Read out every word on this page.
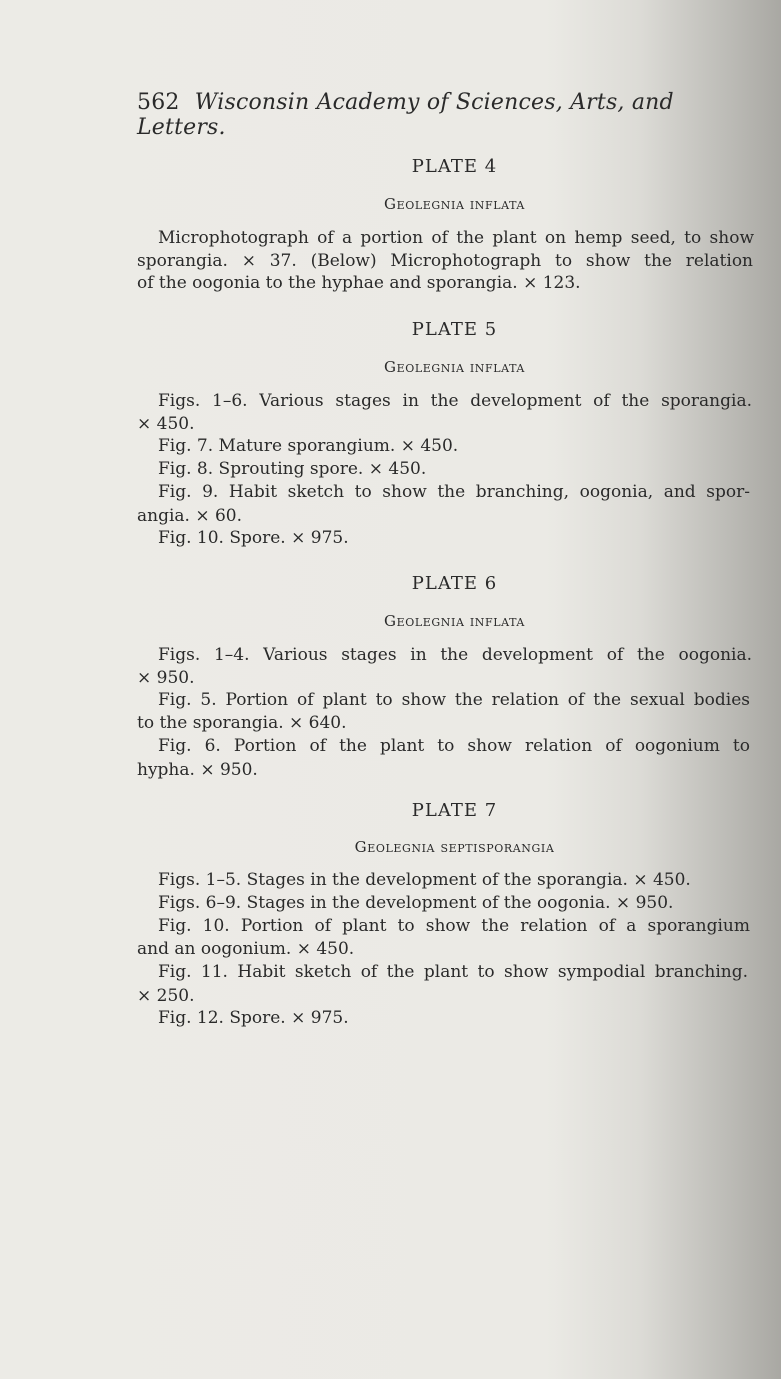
562 Wisconsin Academy of Sciences, Arts, and Letters.
PLATE 4
Geolegnia inflata
Microphotograph of a portion of the plant on hemp seed, to show
sporangia. × 37. (Below) Microphotograph to show the relation
of the oogonia to the hyphae and sporangia. × 123.
PLATE 5
Geolegnia inflata
Figs. 1–6. Various stages in the development of the sporangia.
× 450.
Fig. 7. Mature sporangium. × 450.
Fig. 8. Sprouting spore. × 450.
Fig. 9. Habit sketch to show the branching, oogonia, and spor-
angia. × 60.
Fig. 10. Spore. × 975.
PLATE 6
Geolegnia inflata
Figs. 1–4. Various stages in the development of the oogonia.
× 950.
Fig. 5. Portion of plant to show the relation of the sexual bodies
to the sporangia. × 640.
Fig. 6. Portion of the plant to show relation of oogonium to
hypha. × 950.
PLATE 7
Geolegnia septisporangia
Figs. 1–5. Stages in the development of the sporangia. × 450.
Figs. 6–9. Stages in the development of the oogonia. × 950.
Fig. 10. Portion of plant to show the relation of a sporangium
and an oogonium. × 450.
Fig. 11. Habit sketch of the plant to show sympodial branching.
× 250.
Fig. 12. Spore. × 975.
